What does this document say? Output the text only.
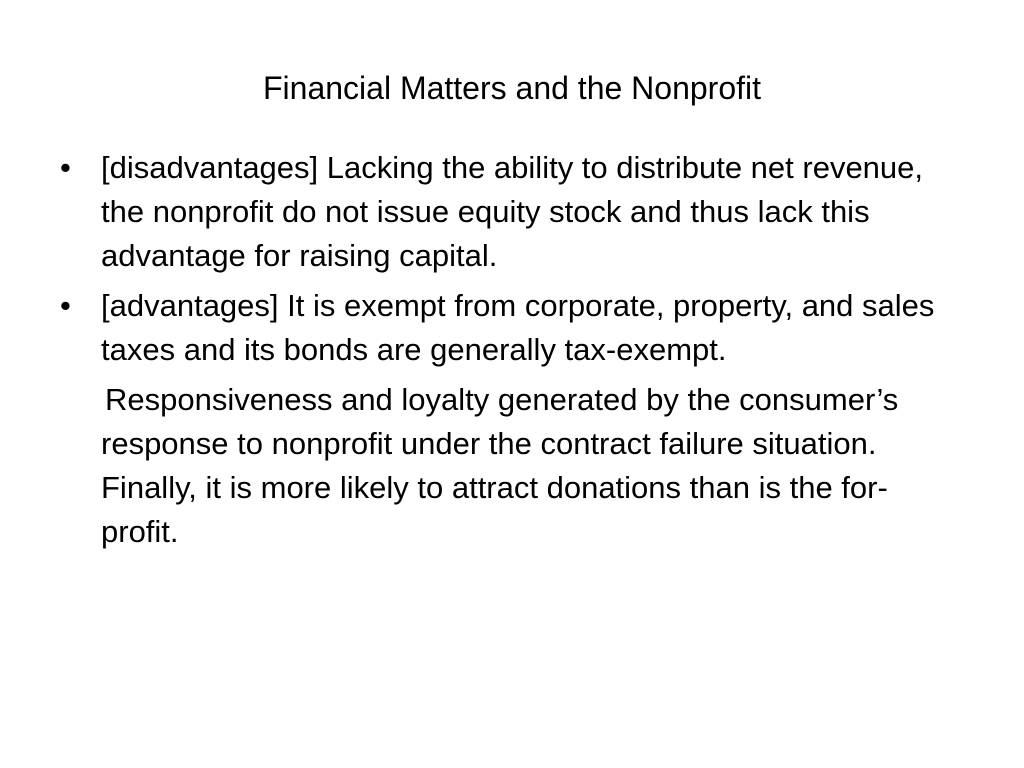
Financial Matters and the Nonprofit
• [disadvantages] Lacking the ability to distribute net revenue, the nonprofit do not issue equity stock and thus lack this advantage for raising capital.
• [advantages] It is exempt from corporate, property, and sales taxes and its bonds are generally tax-exempt.

Responsiveness and loyalty generated by the consumer’s response to nonprofit under the contract failure situation. Finally, it is more likely to attract donations than is the for-profit.
